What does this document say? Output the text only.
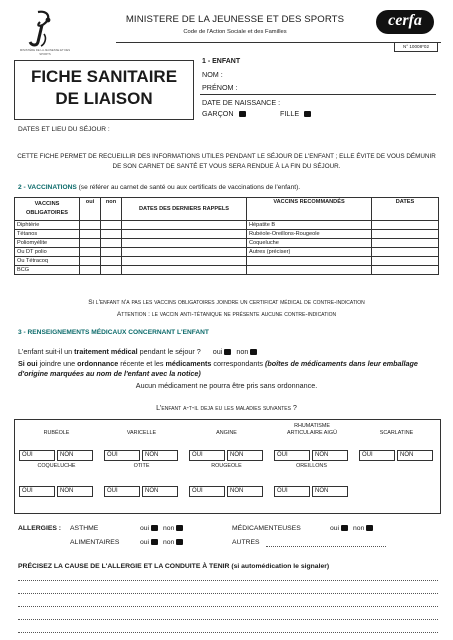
MINISTÈRE DE LA JEUNESSE ET DES SPORTS
MINISTERE DE LA JEUNESSE ET DES SPORTS
Code de l'Action Sociale et des Familles
cerfa
N° 10008*02
FICHE SANITAIRE
DE LIAISON
1 - ENFANT
NOM :
PRÉNOM :
DATE DE NAISSANCE :
GARÇON	FILLE
DATES ET LIEU DU SÉJOUR :
CETTE FICHE PERMET DE RECUEILLIR DES INFORMATIONS UTILES PENDANT LE SÉJOUR DE L'ENFANT ; ELLE ÉVITE DE VOUS DÉMUNIR DE SON CARNET DE SANTÉ ET VOUS SERA RENDUE À LA FIN DU SÉJOUR.
2 - VACCINATIONS (se référer au carnet de santé ou aux certificats de vaccinations de l'enfant).
VACCINS OBLIGATOIRES	oui	non	DATES DES DERNIERS RAPPELS	VACCINS RECOMMANDÉS	DATES
Diphtérie				Hépatite B	
Tétanos				Rubéole-Oreillons-Rougeole	
Poliomyélite				Coqueluche	
Ou DT polio				Autres (préciser)	
Ou Tétracoq					
BCG					
Si l'enfant n'a pas les vaccins obligatoires joindre un certificat médical de contre-indication
Attention : le vaccin anti-tétanique ne présente aucune contre-indication
3 - RENSEIGNEMENTS MÉDICAUX CONCERNANT L'ENFANT
L'enfant suit-il un traitement médical pendant le séjour ? oui non
Si oui joindre une ordonnance récente et les médicaments correspondants (boîtes de médicaments dans leur emballage d'origine marquées au nom de l'enfant avec la notice)
Aucun médicament ne pourra être pris sans ordonnance.
L'enfant a-t-il deja eu les maladies suivantes ?
RUBÉOLE
OUI	NON
VARICELLE
OUI	NON
ANGINE
OUI	NON
RHUMATISME ARTICULAIRE AIGÜ
OUI	NON
SCARLATINE
OUI	NON
COQUELUCHE
OUI	NON
OTITE
OUI	NON
ROUGEOLE
OUI	NON
OREILLONS
OUI	NON
ALLERGIES : ASTHME	oui non	MÉDICAMENTEUSES	oui non
ALIMENTAIRES	oui non	AUTRES
PRÉCISEZ LA CAUSE DE L'ALLERGIE ET LA CONDUITE À TENIR (si automédication le signaler)
